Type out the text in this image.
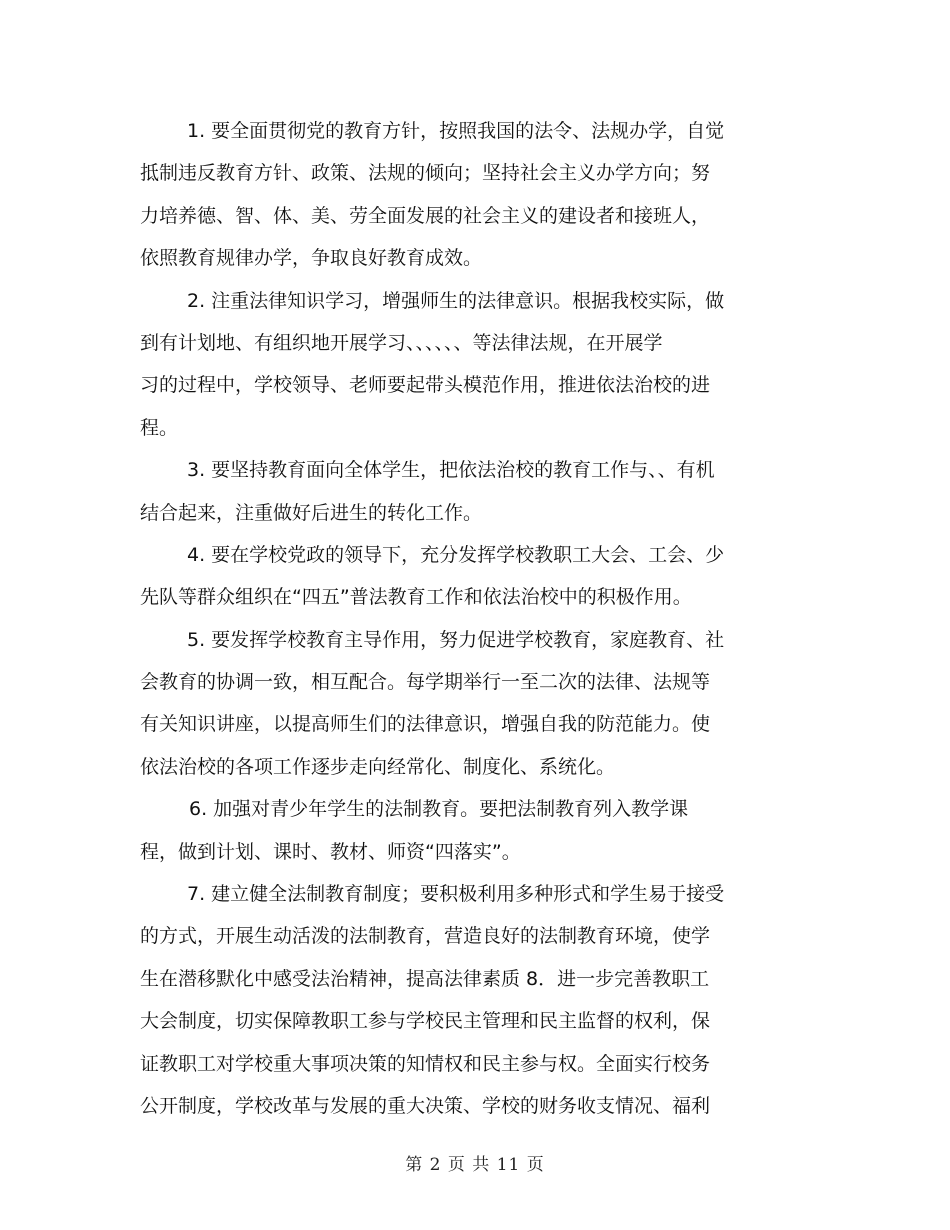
1. 要全面贯彻党的教育方针，按照我国的法令、法规办学，自觉
抵制违反教育方针、政策、法规的倾向；坚持社会主义办学方向；努
力培养德、智、体、美、劳全面发展的社会主义的建设者和接班人，
依照教育规律办学，争取良好教育成效。
2. 注重法律知识学习，增强师生的法律意识。根据我校实际，做
到有计划地、有组织地开展学习、、、、、、等法律法规，在开展学
习的过程中，学校领导、老师要起带头模范作用，推进依法治校的进
程。
3. 要坚持教育面向全体学生，把依法治校的教育工作与、、有机
结合起来，注重做好后进生的转化工作。
4. 要在学校党政的领导下，充分发挥学校教职工大会、工会、少
先队等群众组织在“四五”普法教育工作和依法治校中的积极作用。
5. 要发挥学校教育主导作用，努力促进学校教育，家庭教育、社
会教育的协调一致，相互配合。每学期举行一至二次的法律、法规等
有关知识讲座，以提高师生们的法律意识，增强自我的防范能力。使
依法治校的各项工作逐步走向经常化、制度化、系统化。
6. 加强对青少年学生的法制教育。要把法制教育列入教学课
程，做到计划、课时、教材、师资“四落实”。
7. 建立健全法制教育制度；要积极利用多种形式和学生易于接受
的方式，开展生动活泼的法制教育，营造良好的法制教育环境，使学
生在潜移默化中感受法治精神，提高法律素质 8．进一步完善教职工
大会制度，切实保障教职工参与学校民主管理和民主监督的权利，保
证教职工对学校重大事项决策的知情权和民主参与权。全面实行校务
公开制度，学校改革与发展的重大决策、学校的财务收支情况、福利
第 2 页 共 11 页
